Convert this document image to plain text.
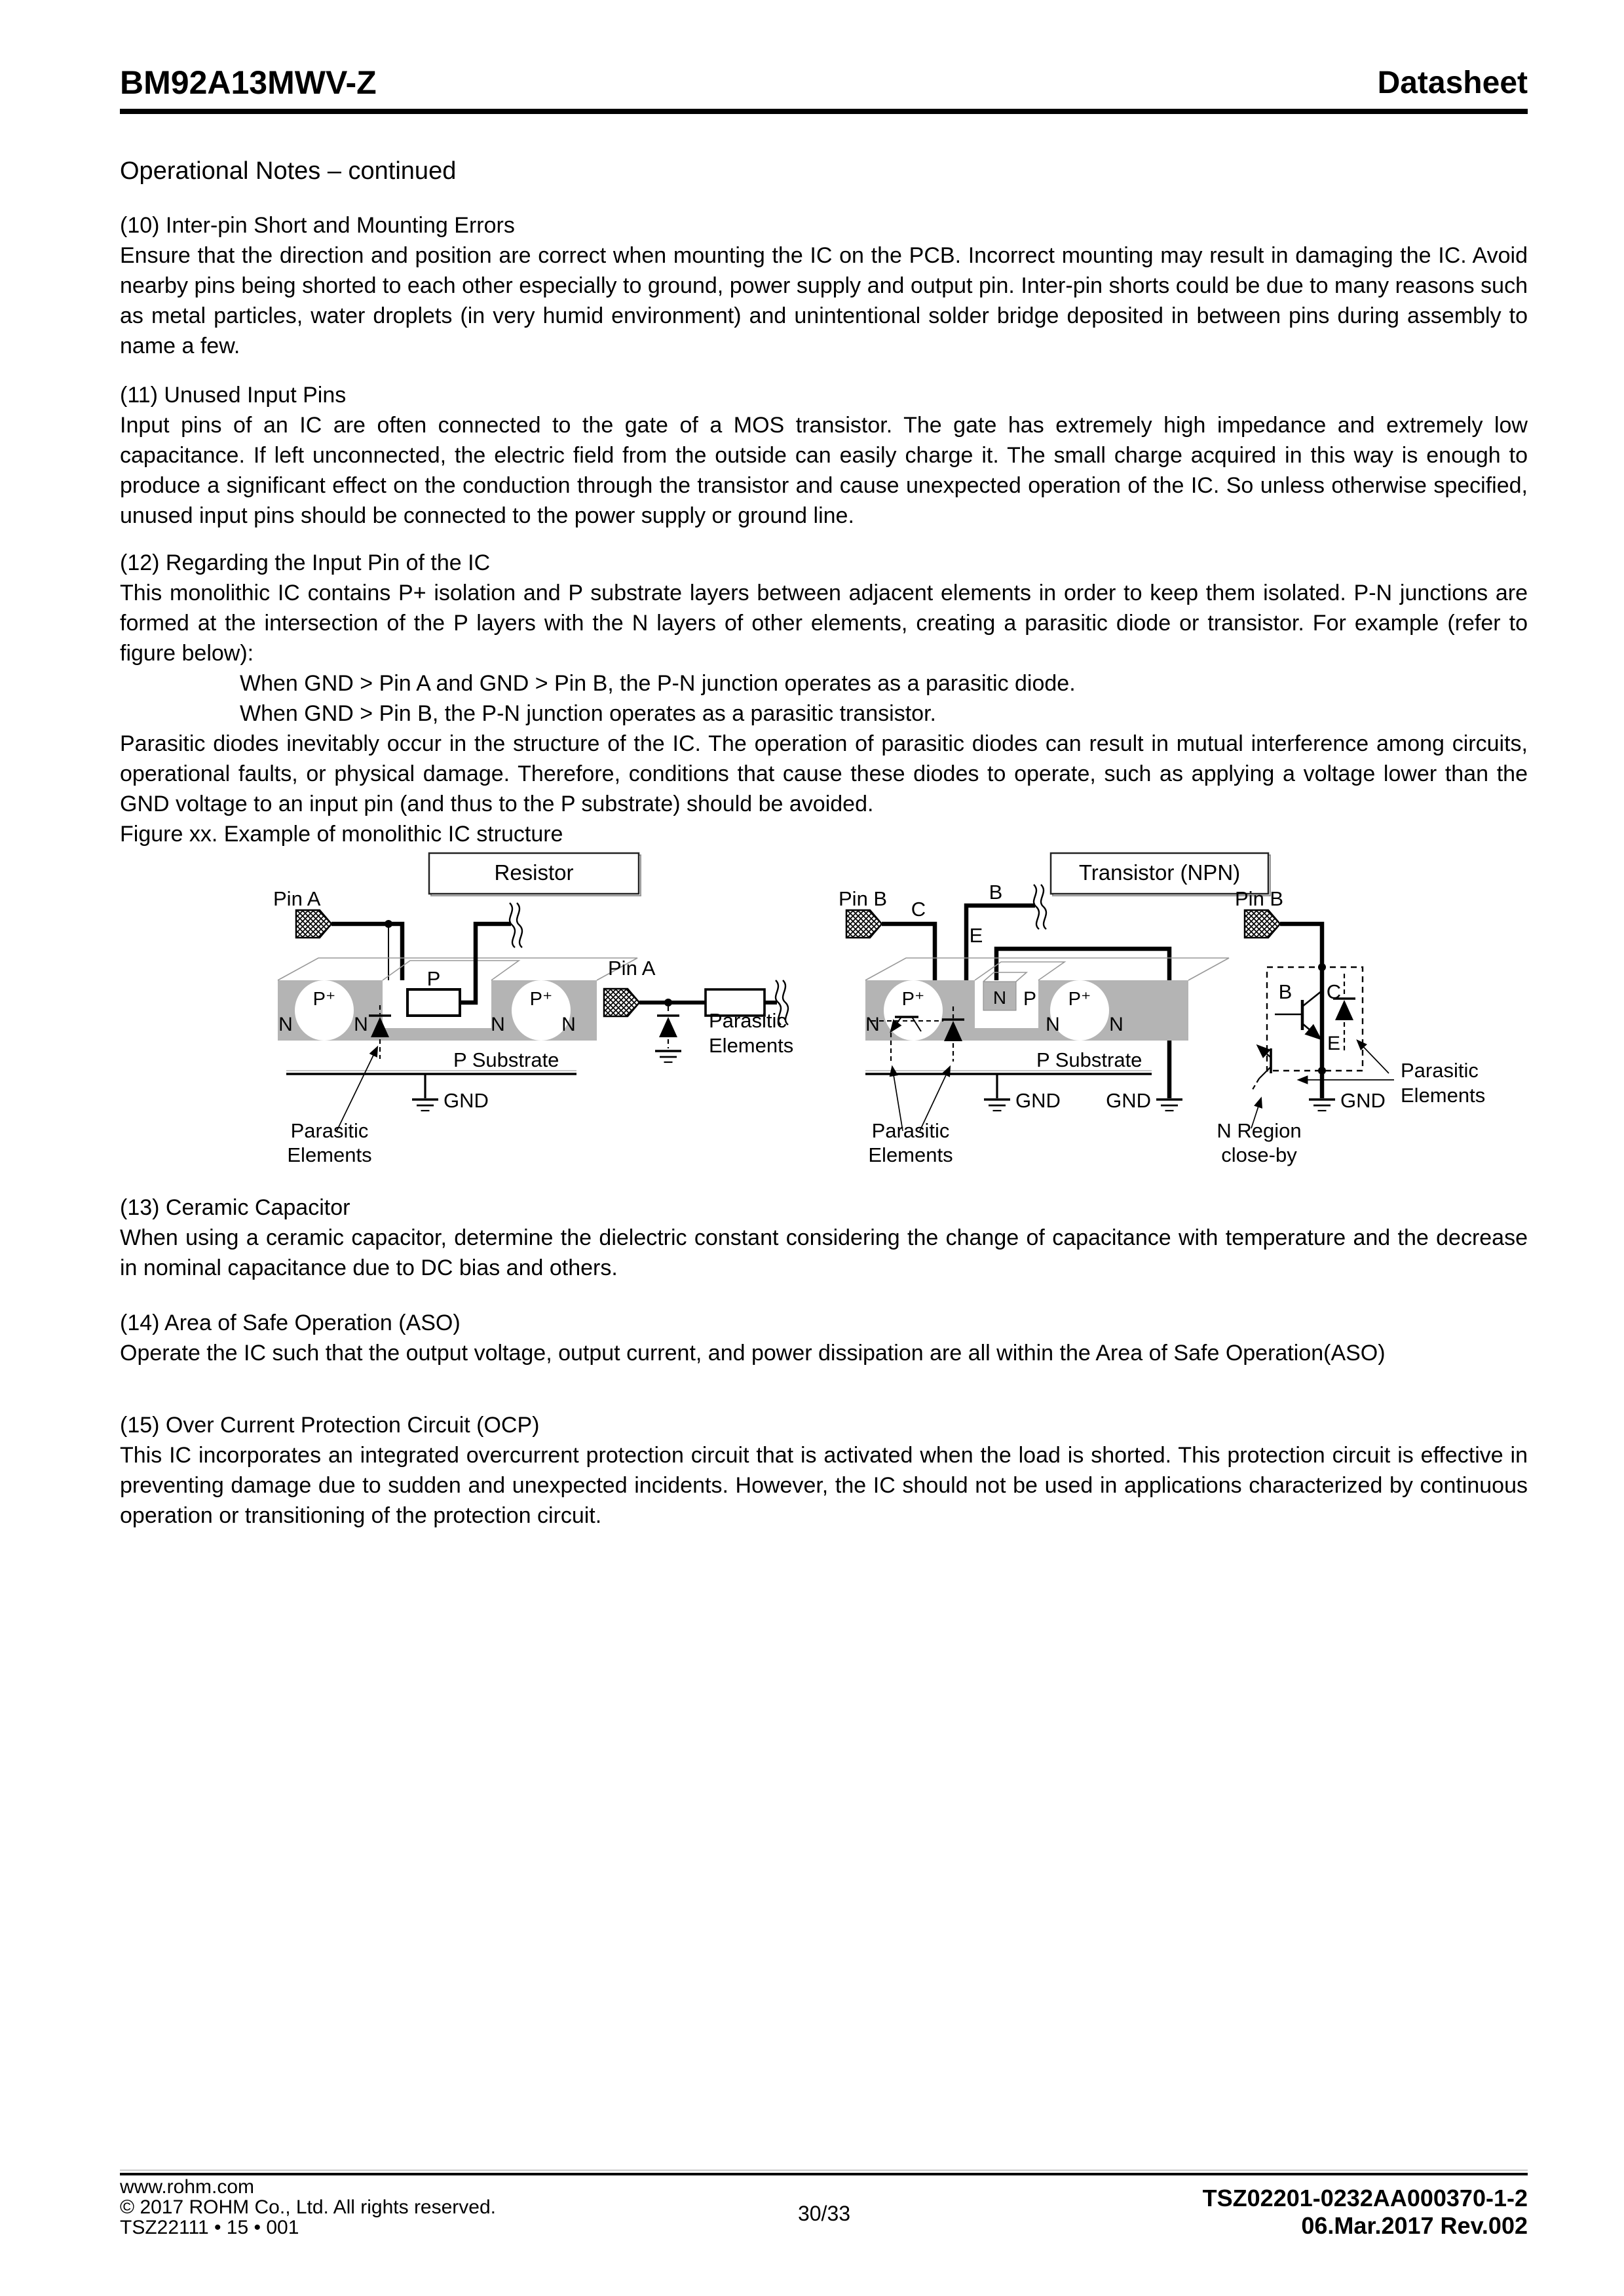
BM92A13MWV-Z	Datasheet
Operational Notes – continued
(10) Inter-pin Short and Mounting Errors

Ensure that the direction and position are correct when mounting the IC on the PCB. Incorrect mounting may result in damaging the IC. Avoid nearby pins being shorted to each other especially to ground, power supply and output pin. Inter-pin shorts could be due to many reasons such as metal particles, water droplets (in very humid environment) and unintentional solder bridge deposited in between pins during assembly to name a few.

(11) Unused Input Pins

Input pins of an IC are often connected to the gate of a MOS transistor. The gate has extremely high impedance and extremely low capacitance. If left unconnected, the electric field from the outside can easily charge it. The small charge acquired in this way is enough to produce a significant effect on the conduction through the transistor and cause unexpected operation of the IC. So unless otherwise specified, unused input pins should be connected to the power supply or ground line.

(12) Regarding the Input Pin of the IC

This monolithic IC contains P+ isolation and P substrate layers between adjacent elements in order to keep them isolated. P-N junctions are formed at the intersection of the P layers with the N layers of other elements, creating a parasitic diode or transistor. For example (refer to figure below):

When GND > Pin A and GND > Pin B, the P-N junction operates as a parasitic diode.
When GND > Pin B, the P-N junction operates as a parasitic transistor.

Parasitic diodes inevitably occur in the structure of the IC. The operation of parasitic diodes can result in mutual interference among circuits, operational faults, or physical damage. Therefore, conditions that cause these diodes to operate, such as applying a voltage lower than the GND voltage to an input pin (and thus to the P substrate) should be avoided.

Figure xx. Example of monolithic IC structure
Resistor
Pin A
P
P⁺	P⁺
N	N	N	N
P Substrate
GND
Parasitic
Elements
Pin A
Parasitic
Elements
Transistor (NPN)
Pin B C
B
E
N P
N
P⁺
N
P⁺
N
P Substrate
GND GND
Parasitic
Elements
Pin B
B C
E
Parasitic
Elements
GND
N Region
close-by
(13) Ceramic Capacitor

When using a ceramic capacitor, determine the dielectric constant considering the change of capacitance with temperature and the decrease in nominal capacitance due to DC bias and others.

(14) Area of Safe Operation (ASO)

Operate the IC such that the output voltage, output current, and power dissipation are all within the Area of Safe Operation(ASO)

(15) Over Current Protection Circuit (OCP)

This IC incorporates an integrated overcurrent protection circuit that is activated when the load is shorted. This protection circuit is effective in preventing damage due to sudden and unexpected incidents. However, the IC should not be used in applications characterized by continuous operation or transitioning of the protection circuit.

www.rohm.com
© 2017 ROHM Co., Ltd. All rights reserved.
TSZ22111 • 15 • 001
30/33
TSZ02201-0232AA000370-1-2
06.Mar.2017 Rev.002
